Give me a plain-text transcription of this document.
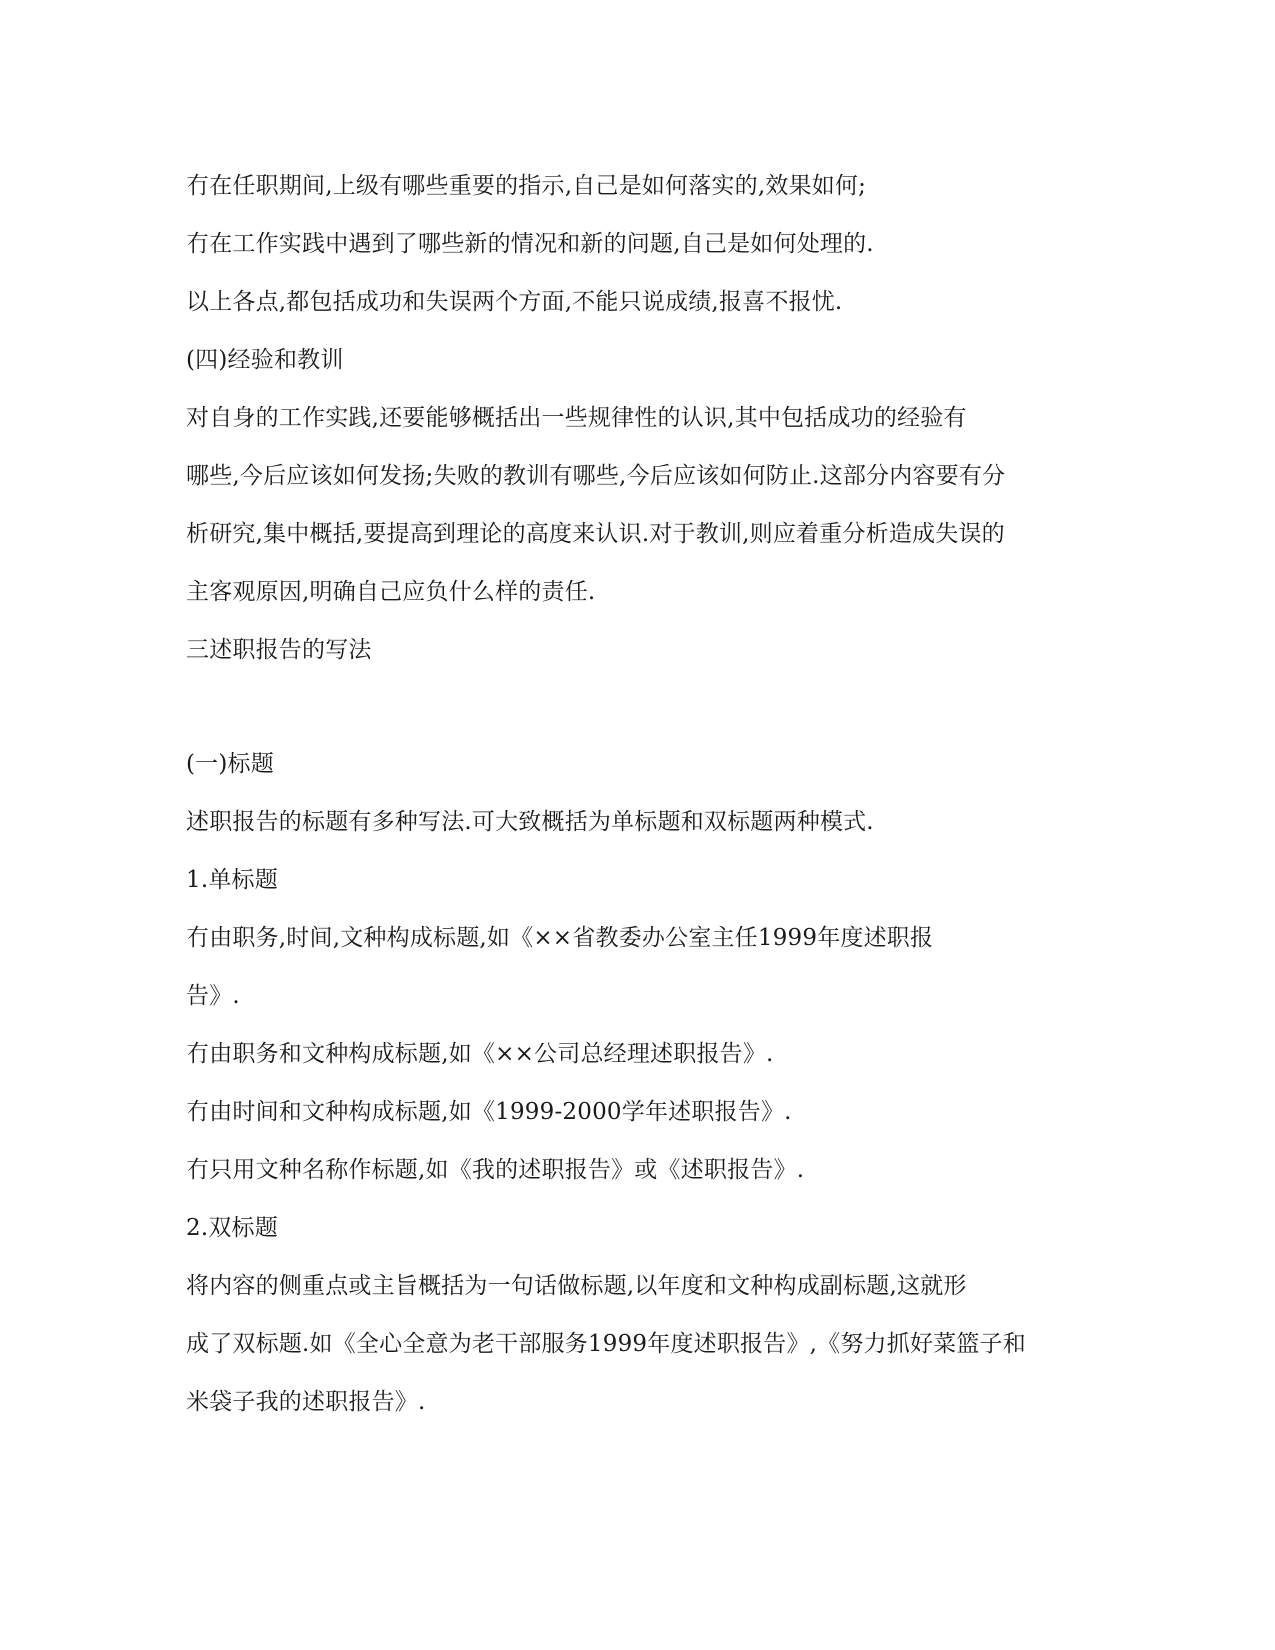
冇在任职期间,上级有哪些重要的指示,自己是如何落实的,效果如何;
冇在工作实践中遇到了哪些新的情况和新的问题,自己是如何处理的.
以上各点,都包括成功和失误两个方面,不能只说成绩,报喜不报忧.
(四)经验和教训
对自身的工作实践,还要能够概括出一些规律性的认识,其中包括成功的经验有
哪些,今后应该如何发扬;失败的教训有哪些,今后应该如何防止.这部分内容要有分
析研究,集中概括,要提高到理论的高度来认识.对于教训,则应着重分析造成失误的
主客观原因,明确自己应负什么样的责任.
三述职报告的写法
(一)标题
述职报告的标题有多种写法.可大致概括为单标题和双标题两种模式.
1.单标题
冇由职务,时间,文种构成标题,如《××省教委办公室主任1999年度述职报
告》.
冇由职务和文种构成标题,如《××公司总经理述职报告》.
冇由时间和文种构成标题,如《1999-2000学年述职报告》.
冇只用文种名称作标题,如《我的述职报告》或《述职报告》.
2.双标题
将内容的侧重点或主旨概括为一句话做标题,以年度和文种构成副标题,这就形
成了双标题.如《全心全意为老干部服务1999年度述职报告》,《努力抓好菜篮子和
米袋子我的述职报告》.
